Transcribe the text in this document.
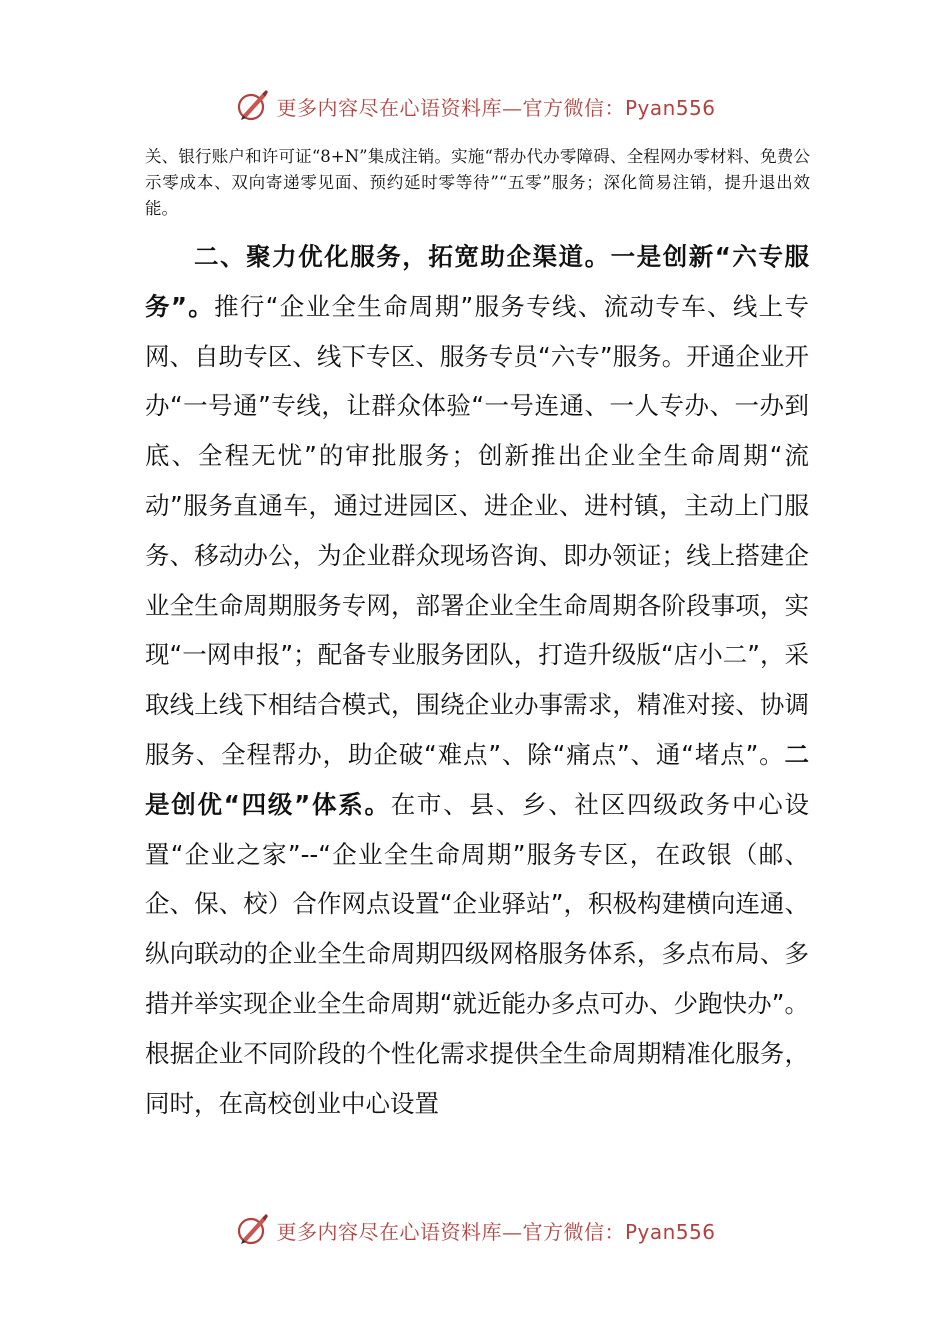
更多内容尽在心语资料库—官方微信：Pyan556
关、银行账户和许可证“8+N”集成注销。实施“帮办代办零障碍、全程网办零材料、免费公示零成本、双向寄递零见面、预约延时零等待”“五零”服务；深化简易注销，提升退出效能。

二、聚力优化服务，拓宽助企渠道。一是创新“六专服务”。推行“企业全生命周期”服务专线、流动专车、线上专网、自助专区、线下专区、服务专员“六专”服务。开通企业开办“一号通”专线，让群众体验“一号连通、一人专办、一办到底、全程无忧”的审批服务；创新推出企业全生命周期“流动”服务直通车，通过进园区、进企业、进村镇，主动上门服务、移动办公，为企业群众现场咨询、即办领证；线上搭建企业全生命周期服务专网，部署企业全生命周期各阶段事项，实现“一网申报”；配备专业服务团队，打造升级版“店小二”，采取线上线下相结合模式，围绕企业办事需求，精准对接、协调服务、全程帮办，助企破“难点”、除“痛点”、通“堵点”。二是创优“四级”体系。在市、县、乡、社区四级政务中心设置“企业之家”--“企业全生命周期”服务专区，在政银（邮、企、保、校）合作网点设置“企业驿站”，积极构建横向连通、纵向联动的企业全生命周期四级网格服务体系，多点布局、多措并举实现企业全生命周期“就近能办多点可办、少跑快办”。根据企业不同阶段的个性化需求提供全生命周期精准化服务，同时，在高校创业中心设置

更多内容尽在心语资料库—官方微信：Pyan556
